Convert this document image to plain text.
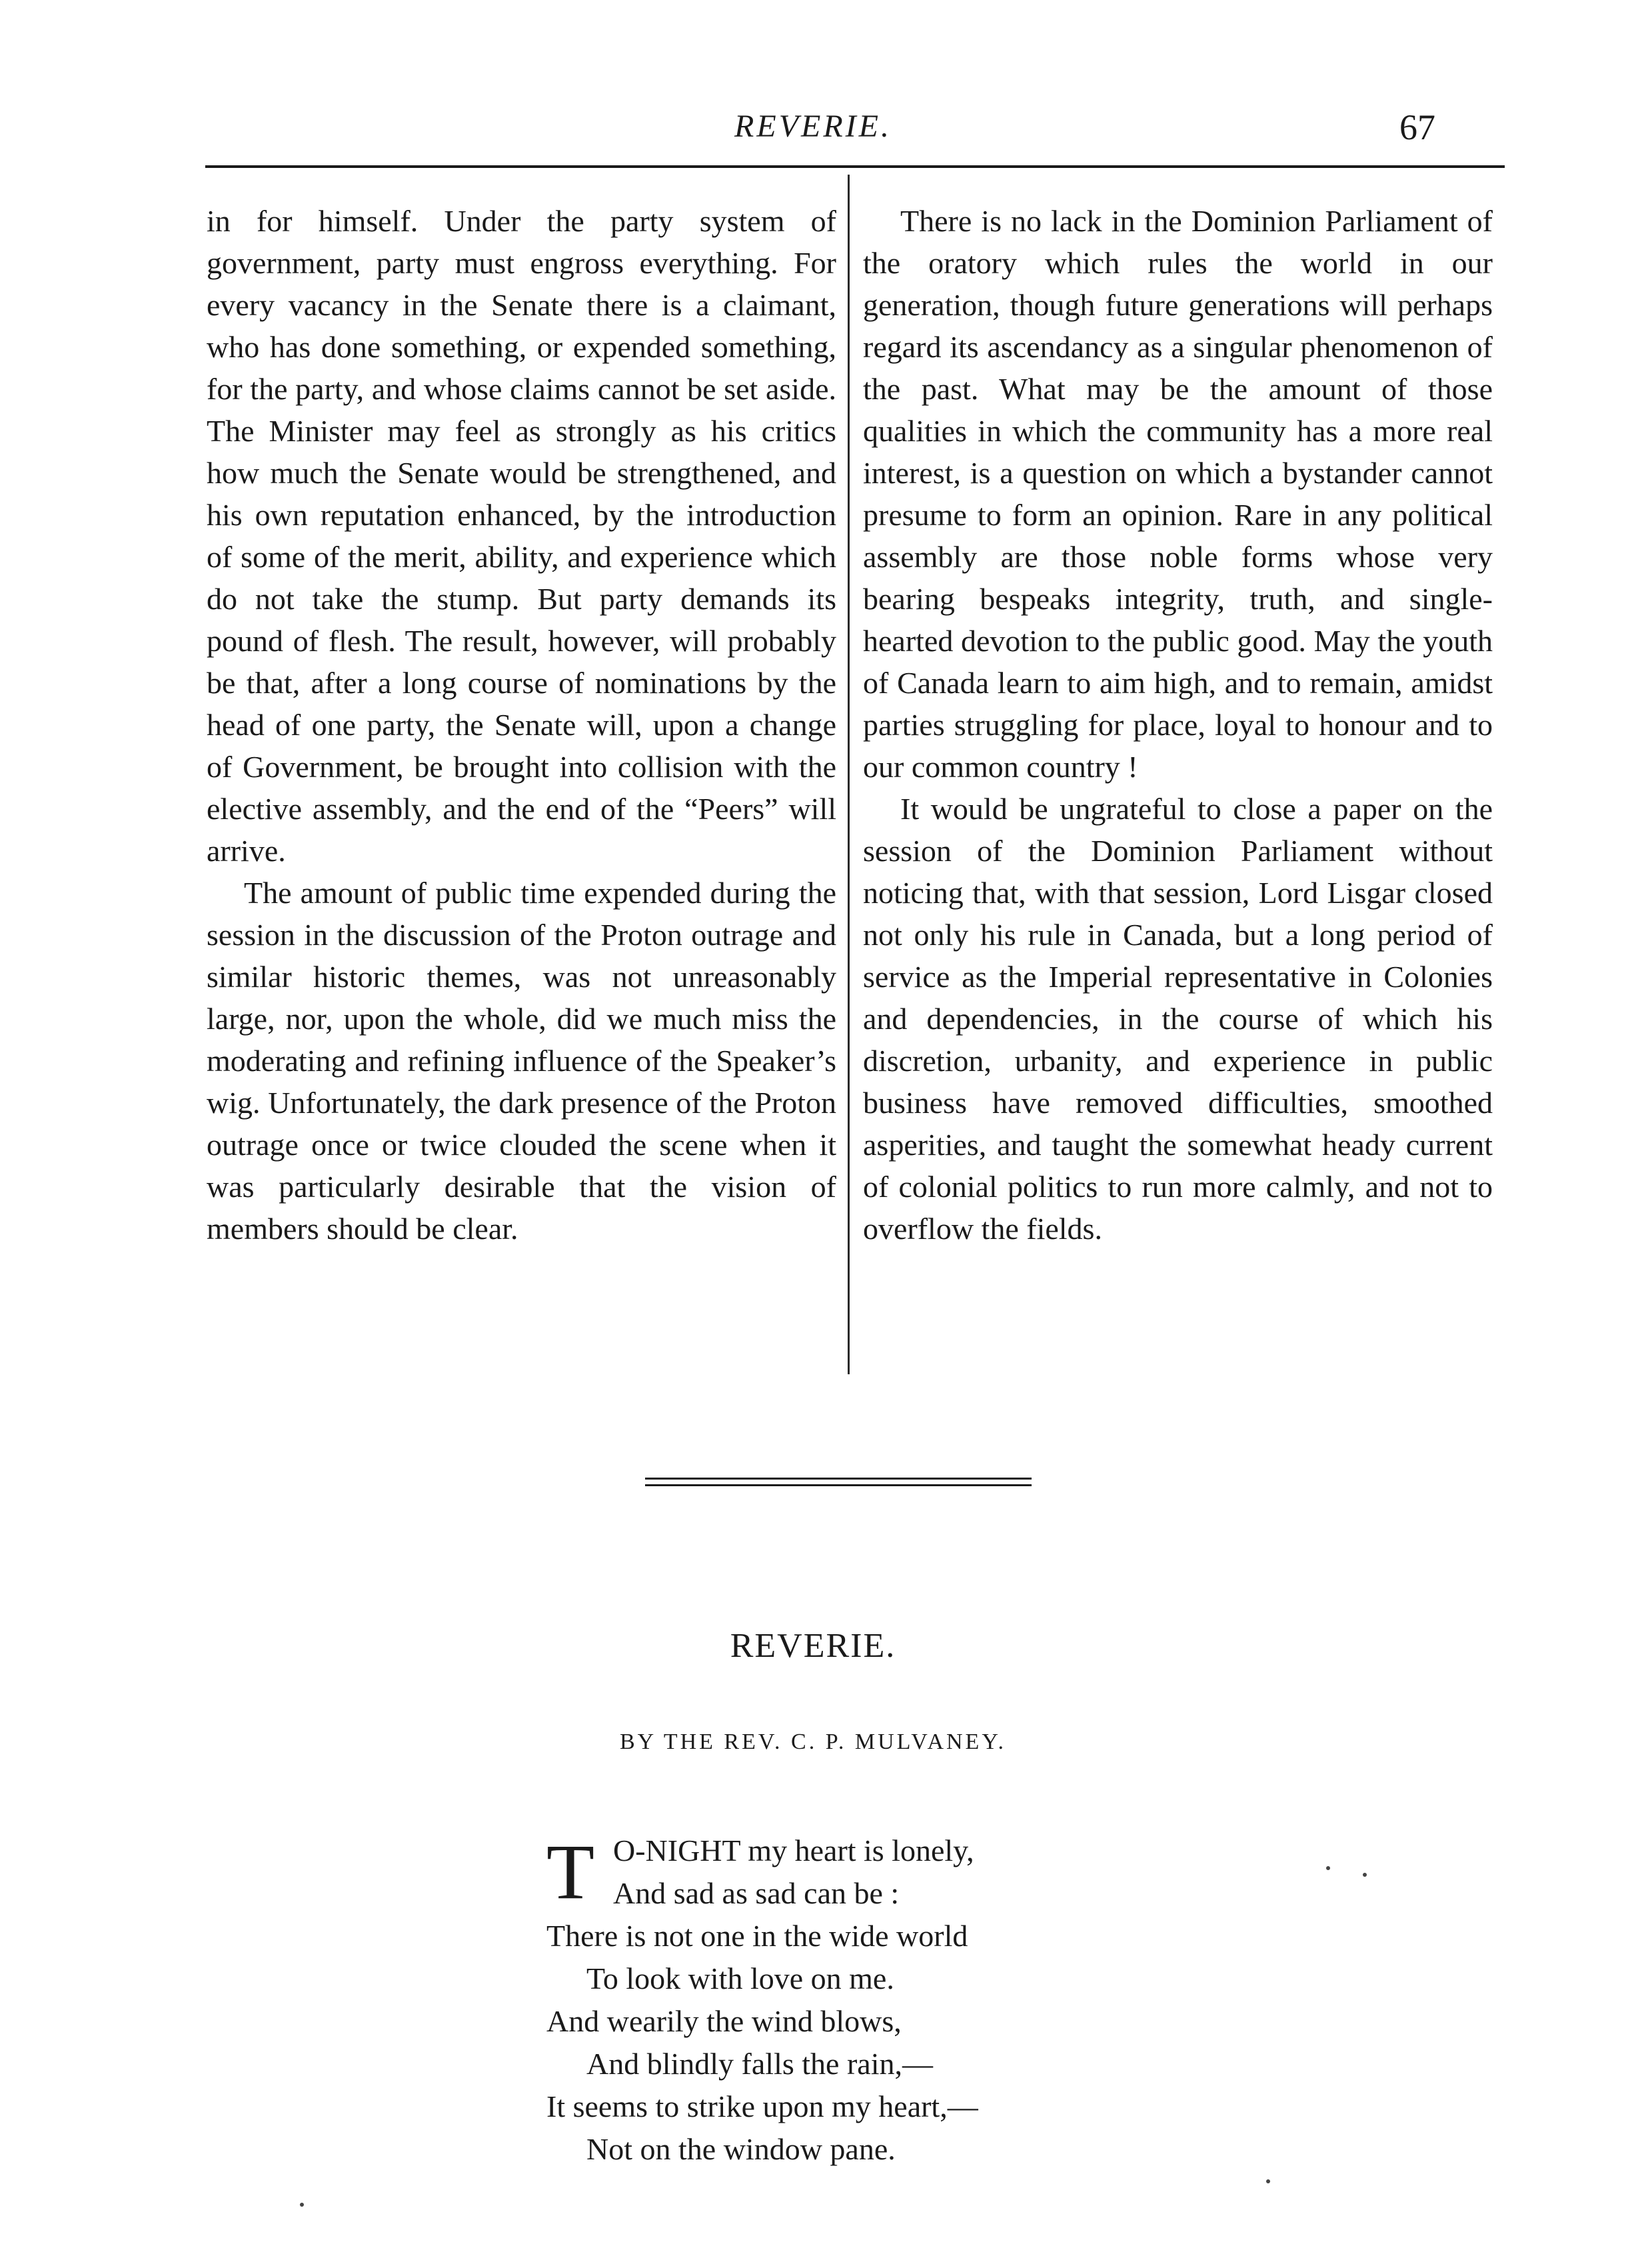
REVERIE.	67

in for himself. Under the party system of government, party must engross everything. For every vacancy in the Senate there is a claimant, who has done something, or expended something, for the party, and whose claims cannot be set aside. The Minister may feel as strongly as his critics how much the Senate would be strengthened, and his own reputation enhanced, by the introduction of some of the merit, ability, and experience which do not take the stump. But party demands its pound of flesh. The result, however, will probably be that, after a long course of nominations by the head of one party, the Senate will, upon a change of Government, be brought into collision with the elective assembly, and the end of the “Peers” will arrive.

The amount of public time expended during the session in the discussion of the Proton outrage and similar historic themes, was not unreasonably large, nor, upon the whole, did we much miss the moderating and refining influence of the Speaker’s wig. Unfortunately, the dark presence of the Proton outrage once or twice clouded the scene when it was particularly desirable that the vision of members should be clear.

There is no lack in the Dominion Parliament of the oratory which rules the world in our generation, though future generations will perhaps regard its ascendancy as a singular phenomenon of the past. What may be the amount of those qualities in which the community has a more real interest, is a question on which a bystander cannot presume to form an opinion. Rare in any political assembly are those noble forms whose very bearing bespeaks integrity, truth, and single-hearted devotion to the public good. May the youth of Canada learn to aim high, and to remain, amidst parties struggling for place, loyal to honour and to our common country !

It would be ungrateful to close a paper on the session of the Dominion Parliament without noticing that, with that session, Lord Lisgar closed not only his rule in Canada, but a long period of service as the Imperial representative in Colonies and dependencies, in the course of which his discretion, urbanity, and experience in public business have removed difficulties, smoothed asperities, and taught the somewhat heady current of colonial politics to run more calmly, and not to overflow the fields.

REVERIE.
BY THE REV. C. P. MULVANEY.
T O-NIGHT my heart is lonely,
And sad as sad can be :
There is not one in the wide world
To look with love on me.
And wearily the wind blows,
And blindly falls the rain,—
It seems to strike upon my heart,—
Not on the window pane.
